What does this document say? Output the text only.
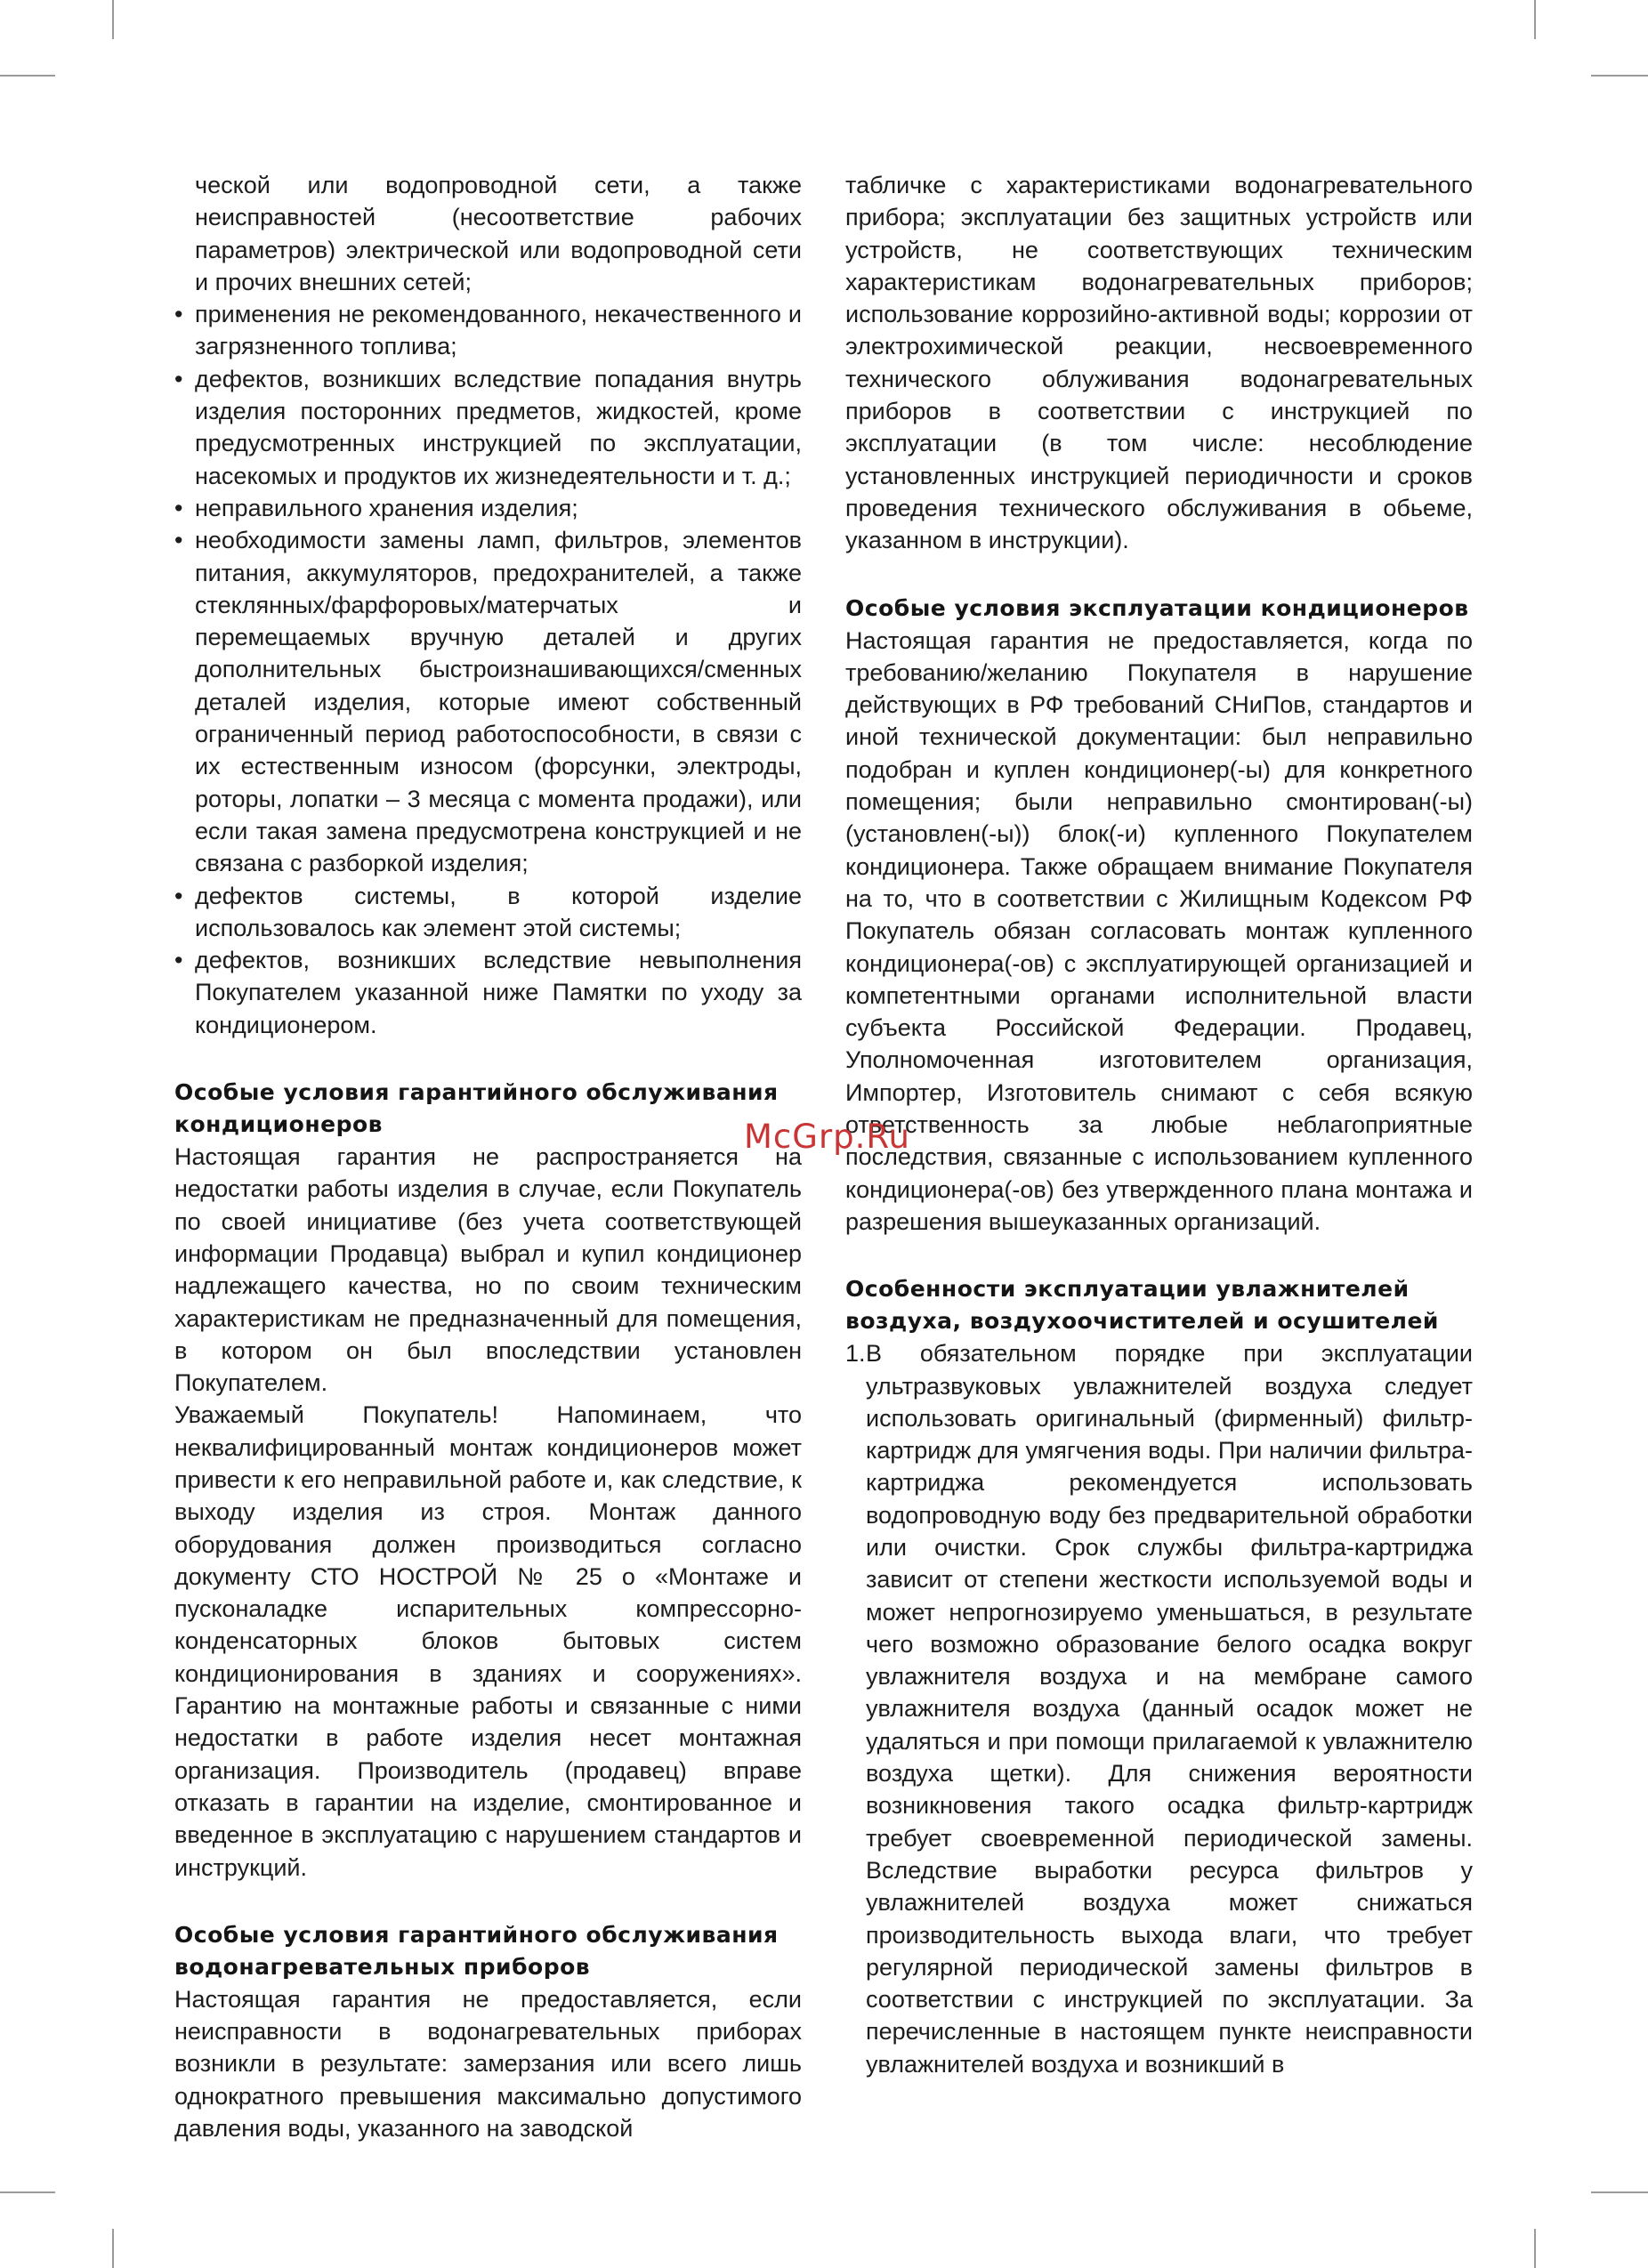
ческой или водопроводной сети, а также неисправностей (несоответствие рабочих параметров) электрической или водопроводной сети и прочих внешних сетей;

• применения не рекомендованного, некачественного и загрязненного топлива;
• дефектов, возникших вследствие попадания внутрь изделия посторонних предметов, жидкостей, кроме предусмотренных инструкцией по эксплуатации, насекомых и продуктов их жизнедеятельности и т. д.;
• неправильного хранения изделия;
• необходимости замены ламп, фильтров, элементов питания, аккумуляторов, предохранителей, а также стеклянных/фарфоровых/матерчатых и перемещаемых вручную деталей и других дополнительных быстроизнашивающихся/сменных деталей изделия, которые имеют собственный ограниченный период работоспособности, в связи с их естественным износом (форсунки, электроды, роторы, лопатки – 3 месяца с момента продажи), или если такая замена предусмотрена конструкцией и не связана с разборкой изделия;
• дефектов системы, в которой изделие использовалось как элемент этой системы;
• дефектов, возникших вследствие невыполнения Покупателем указанной ниже Памятки по уходу за кондиционером.
Особые условия гарантийного обслуживания кондиционеров

Настоящая гарантия не распространяется на недостатки работы изделия в случае, если Покупатель по своей инициативе (без учета соответствующей информации Продавца) выбрал и купил кондиционер надлежащего качества, но по своим техническим характеристикам не предназначенный для помещения, в котором он был впоследствии установлен Покупателем.

Уважаемый Покупатель! Напоминаем, что неквалифицированный монтаж кондиционеров может привести к его неправильной работе и, как следствие, к выходу изделия из строя. Монтаж данного оборудования должен производиться согласно документу СТО НОСТРОЙ № 25 о «Монтаже и пусконаладке испарительных компрессорно-конденсаторных блоков бытовых систем кондиционирования в зданиях и сооружениях». Гарантию на монтажные работы и связанные с ними недостатки в работе изделия несет монтажная организация. Производитель (продавец) вправе отказать в гарантии на изделие, смонтированное и введенное в эксплуатацию с нарушением стандартов и инструкций.

Особые условия гарантийного обслуживания водонагревательных приборов

Настоящая гарантия не предоставляется, если неисправности в водонагревательных приборах возникли в результате: замерзания или всего лишь однократного превышения максимально допустимого давления воды, указанного на заводской

табличке с характеристиками водонагревательного прибора; эксплуатации без защитных устройств или устройств, не соответствующих техническим характеристикам водонагревательных приборов; использование коррозийно-активной воды; коррозии от электрохимической реакции, несвоевременного технического облуживания водонагревательных приборов в соответствии с инструкцией по эксплуатации (в том числе: несоблюдение установленных инструкцией периодичности и сроков проведения технического обслуживания в обьеме, указанном в инструкции).

Особые условия эксплуатации кондиционеров

Настоящая гарантия не предоставляется, когда по требованию/желанию Покупателя в нарушение действующих в РФ требований СНиПов, стандартов и иной технической документации: был неправильно подобран и куплен кондиционер(-ы) для конкретного помещения; были неправильно смонтирован(-ы) (установлен(-ы)) блок(-и) купленного Покупателем кондиционера. Также обращаем внимание Покупателя на то, что в соответствии с Жилищным Кодексом РФ Покупатель обязан согласовать монтаж купленного кондиционера(-ов) с эксплуатирующей организацией и компетентными органами исполнительной власти субъекта Российской Федерации. Продавец, Уполномоченная изготовителем организация, Импортер, Изготовитель снимают с себя всякую ответственность за любые неблагоприятные последствия, связанные с использованием купленного кондиционера(-ов) без утвержденного плана монтажа и разрешения вышеуказанных организаций.

Особенности эксплуатации увлажнителей воздуха, воздухоочистителей и осушителей
1. В обязательном порядке при эксплуатации ультразвуковых увлажнителей воздуха следует использовать оригинальный (фирменный) фильтр-картридж для умягчения воды. При наличии фильтра-картриджа рекомендуется использовать водопроводную воду без предварительной обработки или очистки. Срок службы фильтра-картриджа зависит от степени жесткости используемой воды и может непрогнозируемо уменьшаться, в результате чего возможно образование белого осадка вокруг увлажнителя воздуха и на мембране самого увлажнителя воздуха (данный осадок может не удаляться и при помощи прилагаемой к увлажнителю воздуха щетки). Для снижения вероятности возникновения такого осадка фильтр-картридж требует своевременной периодической замены. Вследствие выработки ресурса фильтров у увлажнителей воздуха может снижаться производительность выхода влаги, что требует регулярной периодической замены фильтров в соответствии с инструкцией по эксплуатации. За перечисленные в настоящем пункте неисправности увлажнителей воздуха и возникший в
McGrp.Ru
